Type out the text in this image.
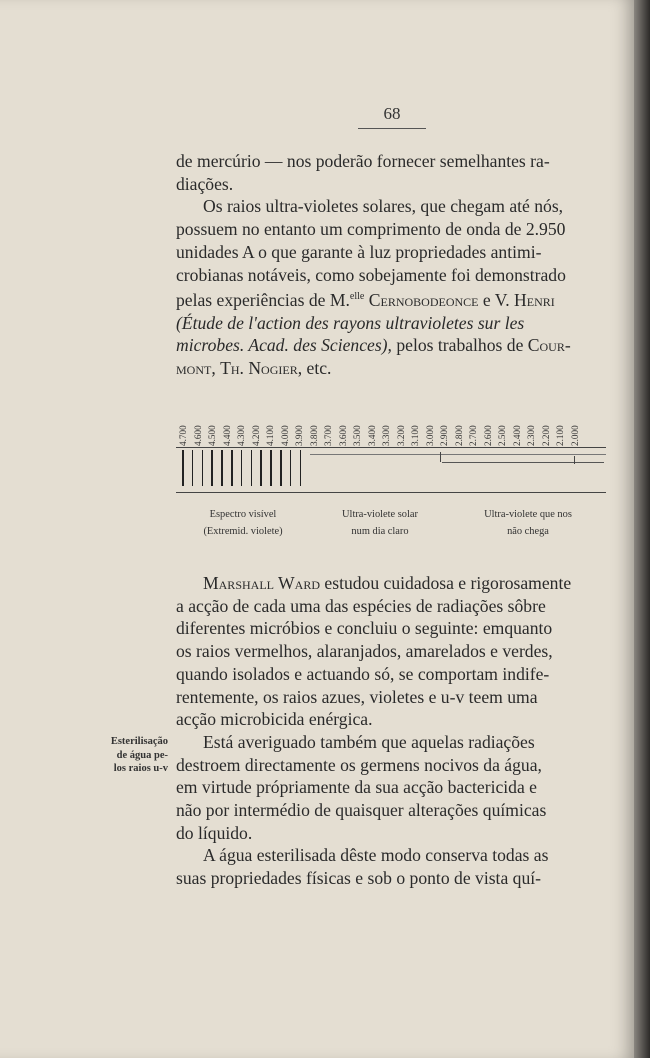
68

de mercúrio — nos poderão fornecer semelhantes ra-

diações.

Os raios ultra-violetes solares, que chegam até nós,

possuem no entanto um comprimento de onda de 2.950

unidades A o que garante à luz propriedades antimi-

crobianas notáveis, como sobejamente foi demonstrado

pelas experiências de M.$^{elle}$ Cernobodeonce e V. Henri

(Étude de l'action des rayons ultravioletes sur les

microbes. Acad. des Sciences), pelos trabalhos de Cour-

mont, Th. Nogier, etc.

4.700 4.600 4.500 4.400 4.300 4.200 4.100 4.000 3.900 3.800 3.700 3.600 3.500 3.400 3.300 3.200 3.100 3.000 2.900 2.800 2.700 2.600 2.500 2.400 2.300 2.200 2.100 2.000
Espectro visível
(Extremid. violete)
Ultra-violete solar
num dia claro
Ultra-violete que nos
não chega

Marshall Ward estudou cuidadosa e rigorosamente

a acção de cada uma das espécies de radiações sôbre

diferentes micróbios e concluiu o seguinte: emquanto

os raios vermelhos, alaranjados, amarelados e verdes,

quando isolados e actuando só, se comportam indife-

rentemente, os raios azues, violetes e u-v teem uma

acção microbicida enérgica.

Está averiguado também que aquelas radiações

destroem directamente os germens nocivos da água,

em virtude própriamente da sua acção bactericida e

não por intermédio de quaisquer alterações químicas

do líquido.

A água esterilisada dêste modo conserva todas as

suas propriedades físicas e sob o ponto de vista quí-

Esterilisação
de água pe-
los raios u-v
